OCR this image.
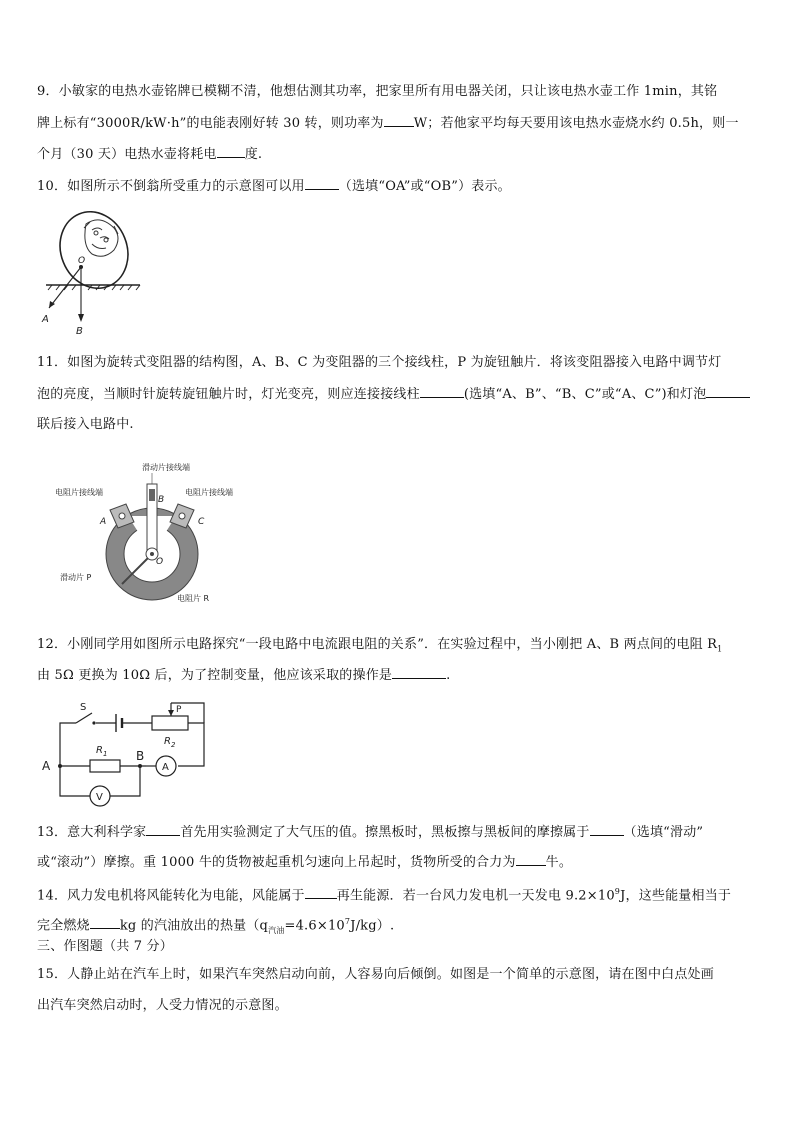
9．小敏家的电热水壶铭牌已模糊不清，他想估测其功率，把家里所有用电器关闭，只让该电热水壶工作 1min，其铭
牌上标有“3000R/kW·h”的电能表刚好转 30 转，则功率为 W；若他家平均每天要用该电热水壶烧水约 0.5h，则一
个月（30 天）电热水壶将耗电 度.
10．如图所示不倒翁所受重力的示意图可以用	（选填“OA”或“OB”）表示。
O
A
B
11．如图为旋转式变阻器的结构图，A、B、C 为变阻器的三个接线柱，P 为旋钮触片．将该变阻器接入电路中调节灯
泡的亮度，当顺时针旋转旋钮触片时，灯光变亮，则应连接接线柱	(选填“A、B”、“B、C”或“A、C”)和灯泡
联后接入电路中.
滑动片接线端
电阻片接线端	电阻片接线端
A
B
C
O
滑动片 P
电阻片 R
12．小刚同学用如图所示电路探究“一段电路中电流跟电阻的关系”．在实验过程中，当小刚把 A、B 两点间的电阻 $R_1$
由 5Ω 更换为 10Ω 后，为了控制变量，他应该采取的操作是	.
S	P
$R_1$
$R_2$
A
B
A
V
13．意大利科学家	首先用实验测定了大气压的值。擦黑板时，黑板擦与黑板间的摩擦属于	（选填“滑动”
或“滚动”）摩擦。重 1000 牛的货物被起重机匀速向上吊起时，货物所受的合力为 牛。
14．风力发电机将风能转化为电能，风能属于 再生能源．若一台风力发电机一天发电 $9.2\times 10^9J$，这些能量相当于
完全燃烧 kg 的汽油放出的热量$(q_{汽油}=4.6\times 10^7J/kg)$.
三、作图题（共 7 分）
15．人静止站在汽车上时，如果汽车突然启动向前，人容易向后倾倒。如图是一个简单的示意图，请在图中白点处画
出汽车突然启动时，人受力情况的示意图。
